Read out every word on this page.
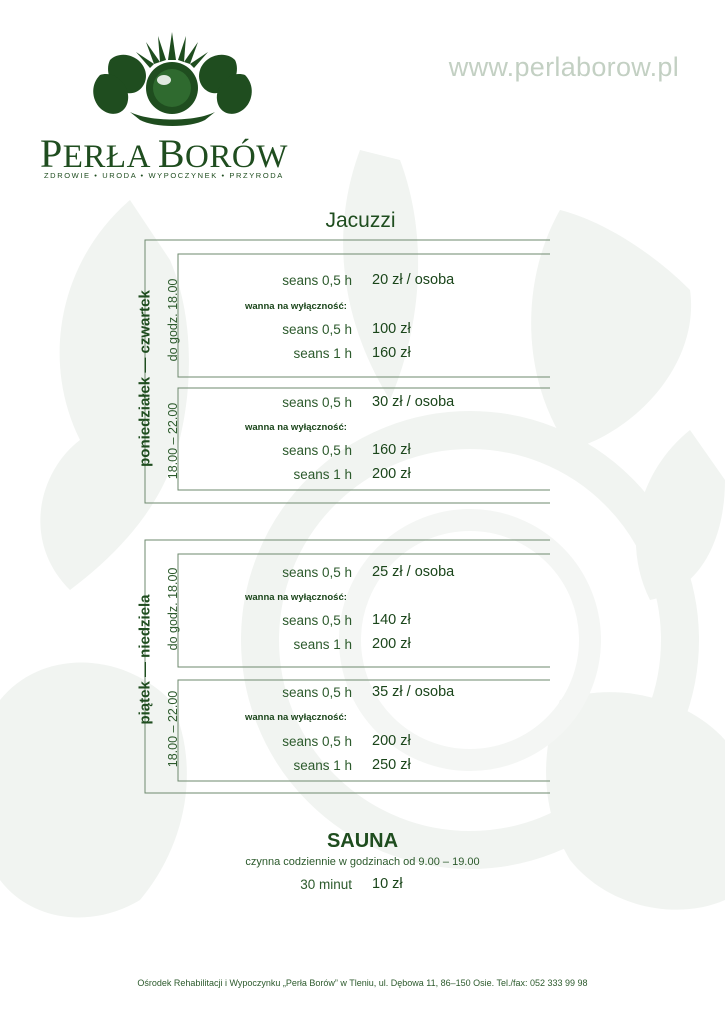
PERŁA BORÓW
ZDROWIE • URODA • WYPOCZYNEK • PRZYRODA
www.perlaborow.pl
Jacuzzi
poniedziałek — czwartek do godz. 18.00
18.00 – 22.00
seans 0,5 h 20 zł / osoba
wanna na wyłączność:
seans 0,5 h 100 zł
seans 1 h 160 zł
seans 0,5 h 30 zł / osoba
wanna na wyłączność:
seans 0,5 h 160 zł
seans 1 h 200 zł
piątek — niedziela do godz. 18.00
18.00 – 22.00
seans 0,5 h 25 zł / osoba
wanna na wyłączność:
seans 0,5 h 140 zł
seans 1 h 200 zł
seans 0,5 h 35 zł / osoba
wanna na wyłączność:
seans 0,5 h 200 zł
seans 1 h 250 zł
SAUNA
czynna codziennie w godzinach od 9.00 – 19.00
30 minut 10 zł
Ośrodek Rehabilitacji i Wypoczynku „Perła Borów” w Tleniu, ul. Dębowa 11, 86–150 Osie. Tel./fax: 052 333 99 98
